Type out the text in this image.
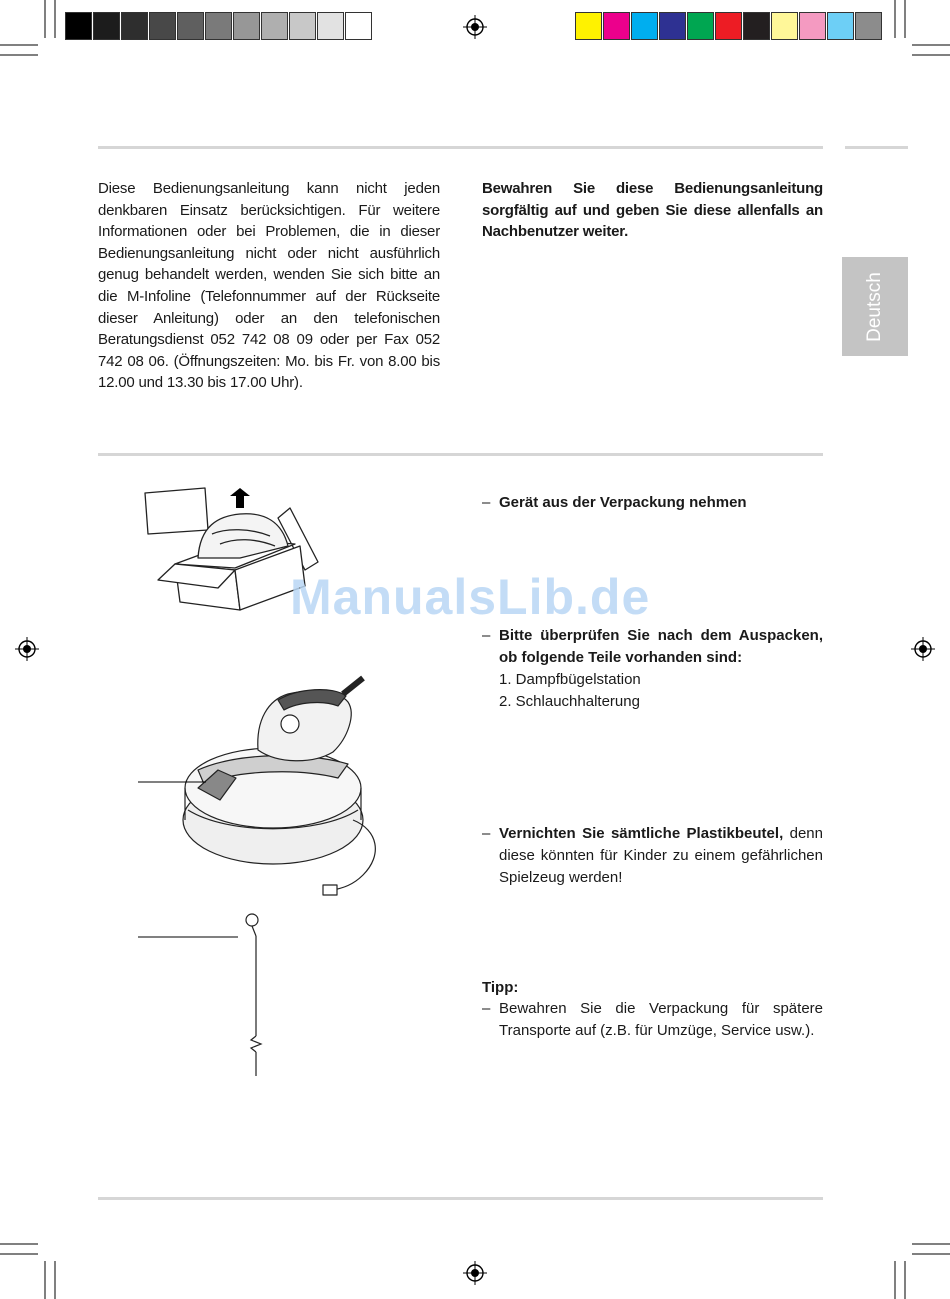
Deutsch
Diese Bedienungsanleitung kann nicht jeden denkbaren Einsatz berücksichtigen. Für weitere Informationen oder bei Problemen, die in dieser Bedienungsanleitung nicht oder nicht ausführlich genug behandelt werden, wenden Sie sich bitte an die M-Infoline (Telefonnummer auf der Rückseite dieser Anleitung) oder an den telefonischen Beratungsdienst 052 742 08 09 oder per Fax 052 742 08 06. (Öffnungszeiten: Mo. bis Fr. von 8.00 bis 12.00 und 13.30 bis 17.00 Uhr).
Bewahren Sie diese Bedienungsanleitung sorgfältig auf und geben Sie diese allenfalls an Nachbenutzer weiter.
– Gerät aus der Verpackung nehmen
– Bitte überprüfen Sie nach dem Auspacken, ob folgende Teile vorhanden sind:
1. Dampfbügelstation
2. Schlauchhalterung
– Vernichten Sie sämtliche Plastikbeutel, denn diese könnten für Kinder zu einem gefährlichen Spielzeug werden!
Tipp:
– Bewahren Sie die Verpackung für spätere Transporte auf (z.B. für Umzüge, Service usw.).
ManualsLib.de
